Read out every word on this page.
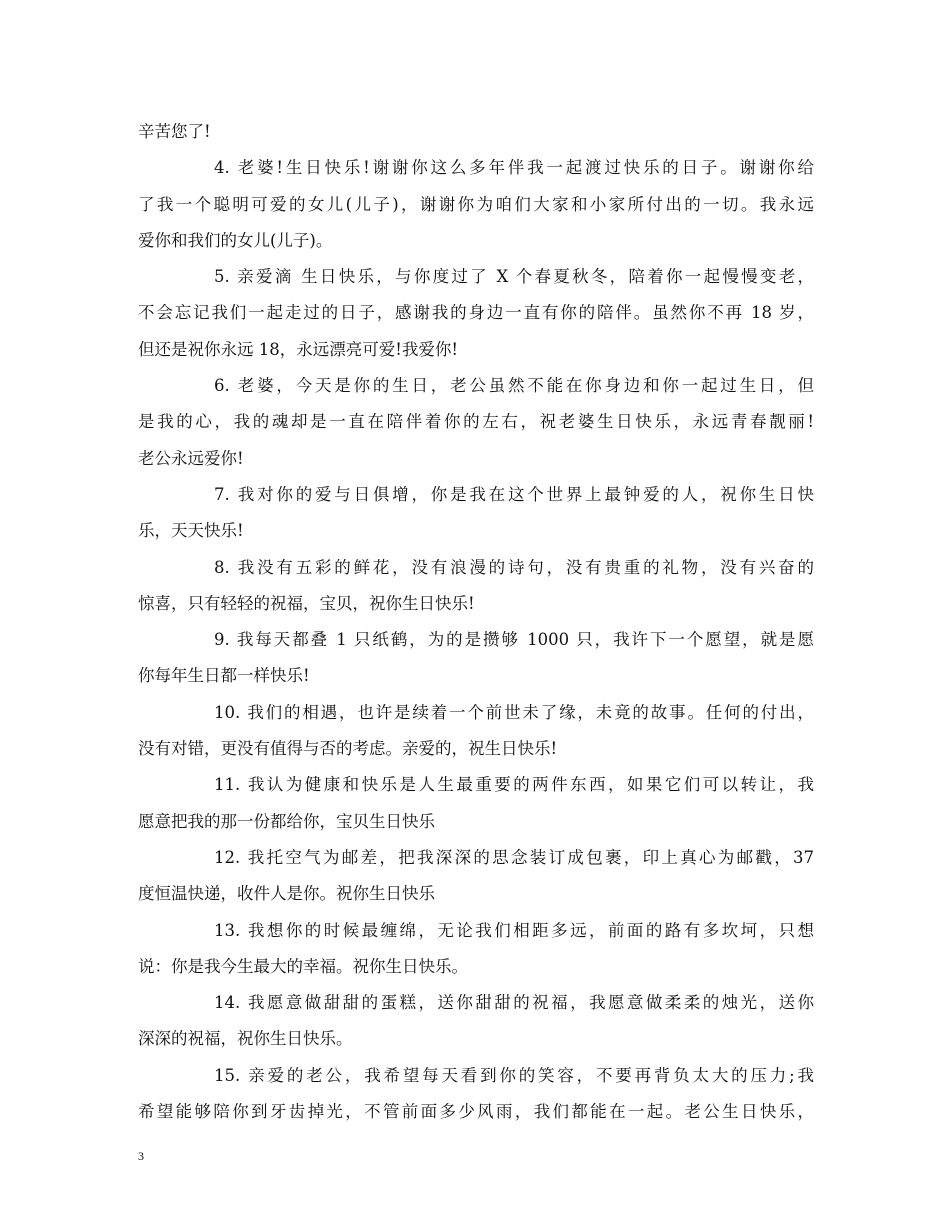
辛苦您了!
4. 老婆!生日快乐!谢谢你这么多年伴我一起渡过快乐的日子。谢谢你给
了我一个聪明可爱的女儿(儿子)，谢谢你为咱们大家和小家所付出的一切。我永远
爱你和我们的女儿(儿子)。
5. 亲爱滴 生日快乐，与你度过了 X 个春夏秋冬，陪着你一起慢慢变老，
不会忘记我们一起走过的日子，感谢我的身边一直有你的陪伴。虽然你不再 18 岁，
但还是祝你永远 18，永远漂亮可爱!我爱你!
6. 老婆，今天是你的生日，老公虽然不能在你身边和你一起过生日，但
是我的心，我的魂却是一直在陪伴着你的左右，祝老婆生日快乐，永远青春靓丽!
老公永远爱你!
7. 我对你的爱与日俱增，你是我在这个世界上最钟爱的人，祝你生日快
乐，天天快乐!
8. 我没有五彩的鲜花，没有浪漫的诗句，没有贵重的礼物，没有兴奋的
惊喜，只有轻轻的祝福，宝贝，祝你生日快乐!
9. 我每天都叠 1 只纸鹤，为的是攒够 1000 只，我许下一个愿望，就是愿
你每年生日都一样快乐!
10. 我们的相遇，也许是续着一个前世未了缘，未竟的故事。任何的付出，
没有对错，更没有值得与否的考虑。亲爱的，祝生日快乐!
11. 我认为健康和快乐是人生最重要的两件东西，如果它们可以转让，我
愿意把我的那一份都给你，宝贝生日快乐
12. 我托空气为邮差，把我深深的思念装订成包裹，印上真心为邮戳，37
度恒温快递，收件人是你。祝你生日快乐
13. 我想你的时候最缠绵，无论我们相距多远，前面的路有多坎坷，只想
说：你是我今生最大的幸福。祝你生日快乐。
14. 我愿意做甜甜的蛋糕，送你甜甜的祝福，我愿意做柔柔的烛光，送你
深深的祝福，祝你生日快乐。
15. 亲爱的老公，我希望每天看到你的笑容，不要再背负太大的压力;我
希望能够陪你到牙齿掉光，不管前面多少风雨，我们都能在一起。老公生日快乐，
3
